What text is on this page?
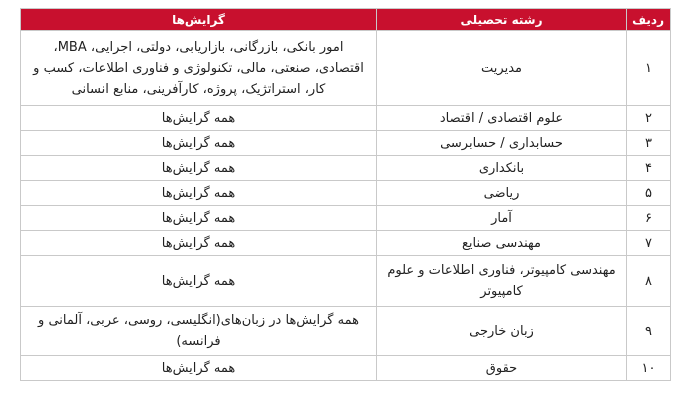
ردیف	رشته تحصیلی	گرایش‌ها
۱	مدیریت	امور بانکی، بازرگانی، بازاریابی، دولتی، اجرایی، MBA، اقتصادی، صنعتی، مالی، تکنولوژی و فناوری اطلاعات، کسب و کار، استراتژیک، پروژه، کارآفرینی، منابع انسانی
۲	علوم اقتصادی / اقتصاد	همه گرایش‌ها
۳	حسابداری / حسابرسی	همه گرایش‌ها
۴	بانکداری	همه گرایش‌ها
۵	ریاضی	همه گرایش‌ها
۶	آمار	همه گرایش‌ها
۷	مهندسی صنایع	همه گرایش‌ها
۸	مهندسی کامپیوتر، فناوری اطلاعات و علوم کامپیوتر	همه گرایش‌ها
۹	زبان خارجی	همه گرایش‌ها در زبان‌های(انگلیسی، روسی، عربی، آلمانی و فرانسه)
۱۰	حقوق	همه گرایش‌ها
